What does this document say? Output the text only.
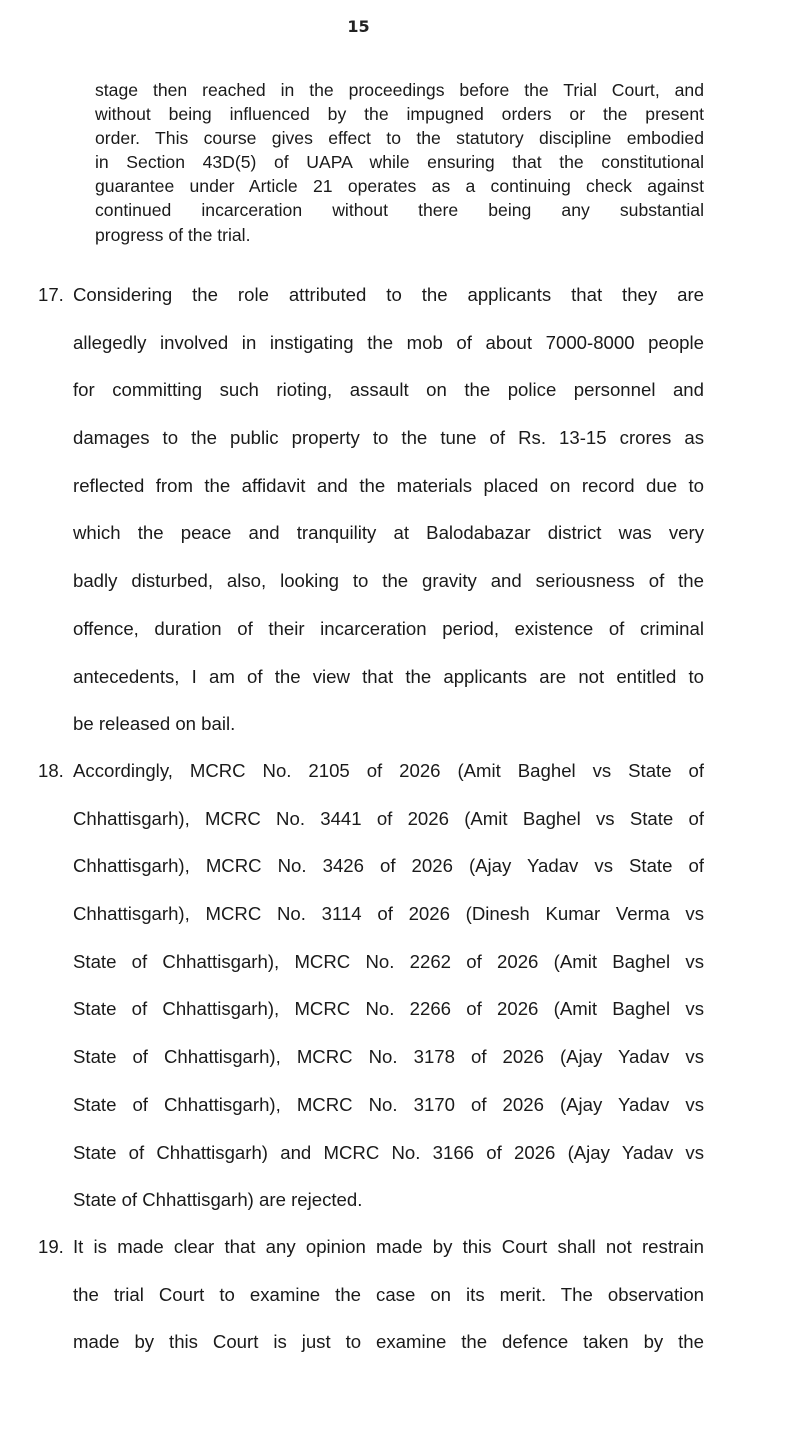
15
stage then reached in the proceedings before the Trial Court, and
without being influenced by the impugned orders or the present
order. This course gives effect to the statutory discipline embodied
in Section 43D(5) of UAPA while ensuring that the constitutional
guarantee under Article 21 operates as a continuing check against
continued incarceration without there being any substantial
progress of the trial.
17. Considering the role attributed to the applicants that they are
allegedly involved in instigating the mob of about 7000-8000 people
for committing such rioting, assault on the police personnel and
damages to the public property to the tune of Rs. 13-15 crores as
reflected from the affidavit and the materials placed on record due to
which the peace and tranquility at Balodabazar district was very
badly disturbed, also, looking to the gravity and seriousness of the
offence, duration of their incarceration period, existence of criminal
antecedents, I am of the view that the applicants are not entitled to
be released on bail.
18. Accordingly, MCRC No. 2105 of 2026 (Amit Baghel vs State of
Chhattisgarh), MCRC No. 3441 of 2026 (Amit Baghel vs State of
Chhattisgarh), MCRC No. 3426 of 2026 (Ajay Yadav vs State of
Chhattisgarh), MCRC No. 3114 of 2026 (Dinesh Kumar Verma vs
State of Chhattisgarh), MCRC No. 2262 of 2026 (Amit Baghel vs
State of Chhattisgarh), MCRC No. 2266 of 2026 (Amit Baghel vs
State of Chhattisgarh), MCRC No. 3178 of 2026 (Ajay Yadav vs
State of Chhattisgarh), MCRC No. 3170 of 2026 (Ajay Yadav vs
State of Chhattisgarh) and MCRC No. 3166 of 2026 (Ajay Yadav vs
State of Chhattisgarh) are rejected.
19. It is made clear that any opinion made by this Court shall not restrain
the trial Court to examine the case on its merit. The observation
made by this Court is just to examine the defence taken by the
